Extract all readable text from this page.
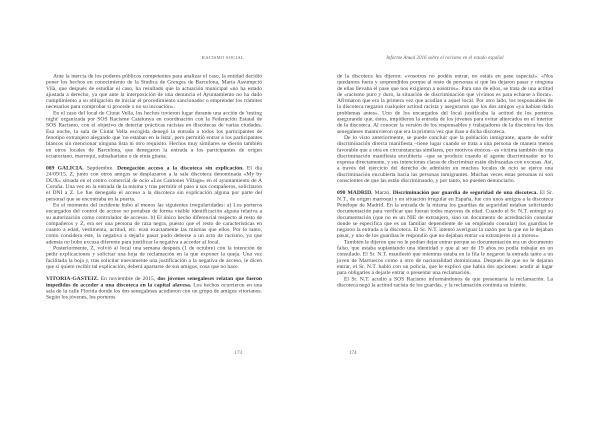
RACISMO SOCIAL

Ante la inercia de los poderes públicos competentes para analizar el caso, la entidad decidió poner los hechos en conocimiento de la Síndica de Greuges de Barcelona, María Assumpció Vilà, que después de estudiar el caso, ha resultado que la actuación municipal «no ha estado ajustada a derecho, ya que ante la interposición de una denuncia el Ayuntamiento no ha dado cumplimiento a su obligación de iniciar el procedimiento sancionador o emprender los trámites necesarios para comprobar si procede o no su incoación».

En el caso del local de Ciutat Vella, los hechos tuvieron lugar durante una acción de 'testing night' organizada por SOS Racisme Catalunya en coordinación con la Federación Estatal de SOS Racismo, con el objetivo de detectar prácticas racistas en discotecas de varias ciudades. Esa noche, la sala de Ciutat Vella escogida denegó la entrada a todos los participantes de fenotipo extranjero alegando que 'no estaban en la lista', pero permitió entrar a los participantes blancos sin mencionar ninguna lista ni otro requisito. Hechos muy similares se dieron también en otros locales de Barcelona, que denegaron la entrada a los participantes de origen ecuatoriano, marroquí, subsahariano o de etnia gitana.

089 GALICIA. Septiembre. Denegación acceso a la discoteca sin explicación. El día 24/09/15, Z, junto con otros amigos se desplazaron a la sala discoteca denominada «My by DUX» situada en el centro comercial de ocio «Los Cantones Village» en el ayuntamiento de A Coruña. Una vez en la entrada de la misma y tras permitir el paso a sus compañeros, solicitaron el DNI a Z. Le fue denegado el acceso a la discoteca sin explicación alguna por parte del personal que se encontraba en la puerta.

En el momento del incidente hubo al menos las siguientes irregularidades: a) Los porteros encargados del control de acceso no portaban de forma visible identificación alguna relativa a su autorización como controlador de accesos. b) El único hecho diferencial respecto al resto de compañeros y Z, era ser una persona de raza negra, puesto que el resto de características en cuanto a edad, vestimenta, actitud, etc. eran exactamente las mismas que ellos. Por lo tanto, como considera éste, la negativa a dejarlo pasar pudo deberse a un acto de racismo, ya que además no hubo excusa diferente para justificar la negativa a acceder al local.

Posteriormente, Z, volvió al local una semana después (1 de octubre) con la intención de pedir explicaciones y solicitar una hoja de reclamación en la que exponer la queja. Una vez facilitada la hoja y, tras solicitar nuevamente una justificación a la negativa de acceso, le dicen que si quiere recibir tal explicación, deberá apartarse de sus amigos, cosa que no hace.

VITORIA-GASTEIZ. En noviembre de 2015, dos jóvenes senegaleses relatan que fueron impedidos de acceder a una discoteca en la capital alavesa. Los hechos ocurrieron en una sala de la calle Florida donde los dos senegaleses acudieron con un grupo de amigos vitorianos. Según los jóvenes, los porteros

173
Informe Anual 2016 sobre el racismo en el estado español

de la discoteca les dijeron: «vosotros no podéis entrar, no estáis en pase especial». «Nos quedamos fuera y sorprendidos porque al resto de personas sí que les dejaron pasar y ninguna de ellas llevaba el pase que nos exigieron a nosotros». Para uno de ellos, se trata de una actitud de «racismo puro y duro, la situación de discriminación que vivimos es para echarse a llorar». Afirmaron que era la primera vez que acudían a aquel local. Por otro lado, los responsables de la discoteca negaron cualquier actitud racista y aseguraron que los dos amigos «ya habían dado problemas antes». Uno de los encargados del local justificaba la actitud de los porteros asegurando que, éstos, impidieron la entrada de los jóvenes para evitar altercados en el interior de la discoteca. Al conocer la versión de los responsables y trabajadores de la discoteca los dos senegaleses mantuvieron que era la primera vez que iban a dicha discoteca.

De lo visto anteriormente, se puede concluir que la población inmigrante, aparte de sufrir discriminación directa manifiesta –tiene lugar cuando se trata a una persona de manera menos favorable que a otra en circunstancias similares, por motivos étnicos– es víctima también de una discriminación manifiesta encubierta –que se produce cuando el agente discriminador no lo expresa directamente, y sus intenciones claras de discriminar están disfrazadas con excusas. Así, a través del ejercicio del derecho de admisión en muchos locales de ocio se ejerce una discriminación encubierta hacia las personas inmigrantes. Muchas veces estas personas ni son conscientes de que las están discriminando, y por tanto, no pueden denunciarlo.

090 MADRID. Marzo. Discriminación por guardia de seguridad de una discoteca. El Sr. N.T., de origen marroquí y en situación irregular en España, fue con unos amigos a la discoteca Penélope de Madrid. En la entrada de la misma los guardias de seguridad estaban solicitando documentación para verificar que fueran todos mayores de edad. Cuando el Sr. N.T. entregó su documentación (que no es un NIE de extranjero, sino un documento de acreditación consular donde se especifica que es un familiar dependiente de un empleado consular) los guardias le negaron la entrada a la discoteca. El Sr. N.T. intentó averiguar la razón por la que no le dejaban pasar, y uno de los guardias le respondió que no dejaban entrar «a extranjeros ni a moros».

También le dijeron que no le podían dejar entrar porque su documentación era un documento falso, que estaba suplantando una identidad y que al ser de 19 años no podía trabajar en un consulado. El Sr. N.T. manifestó que mientras estaba en la fila le negaron la entrada tanto a un joven de Marruecos como a otro de nacionalidad dominicana. Después de que no le dejaran entrar, el Sr. N.T. habló con un policía, que le explicó que había dos opciones: acudir al lugar para obligarles a dejarle entrar o presentar una reclamación.

El Sr. N.T. acudió a SOS Racismo informándonos de que presentaría la reclamación. La discoteca negó la actitud racista de los guardas, y la reclamación continúa su trámite.

174
